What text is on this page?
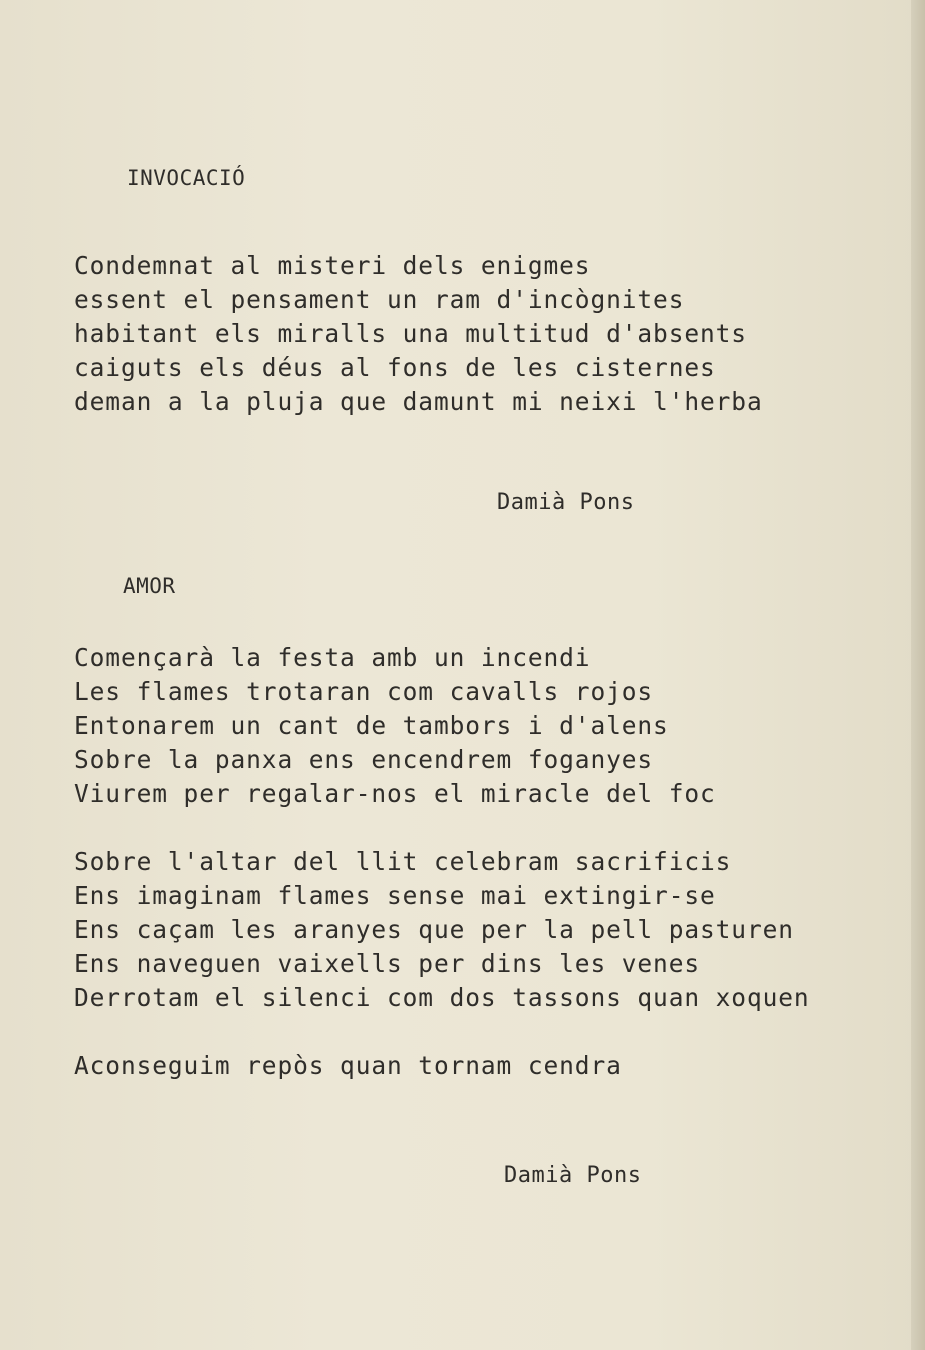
INVOCACIÓ
Condemnat al misteri dels enigmes
essent el pensament un ram d'incògnites
habitant els miralls una multitud d'absents
caiguts els déus al fons de les cisternes
deman a la pluja que damunt mi neixi l'herba
Damià Pons
AMOR
Començarà la festa amb un incendi
Les flames trotaran com cavalls rojos
Entonarem un cant de tambors i d'alens
Sobre la panxa ens encendrem foganyes
Viurem per regalar-nos el miracle del foc
Sobre l'altar del llit celebram sacrificis
Ens imaginam flames sense mai extingir-se
Ens caçam les aranyes que per la pell pasturen
Ens naveguen vaixells per dins les venes
Derrotam el silenci com dos tassons quan xoquen
Aconseguim repòs quan tornam cendra
Damià Pons
